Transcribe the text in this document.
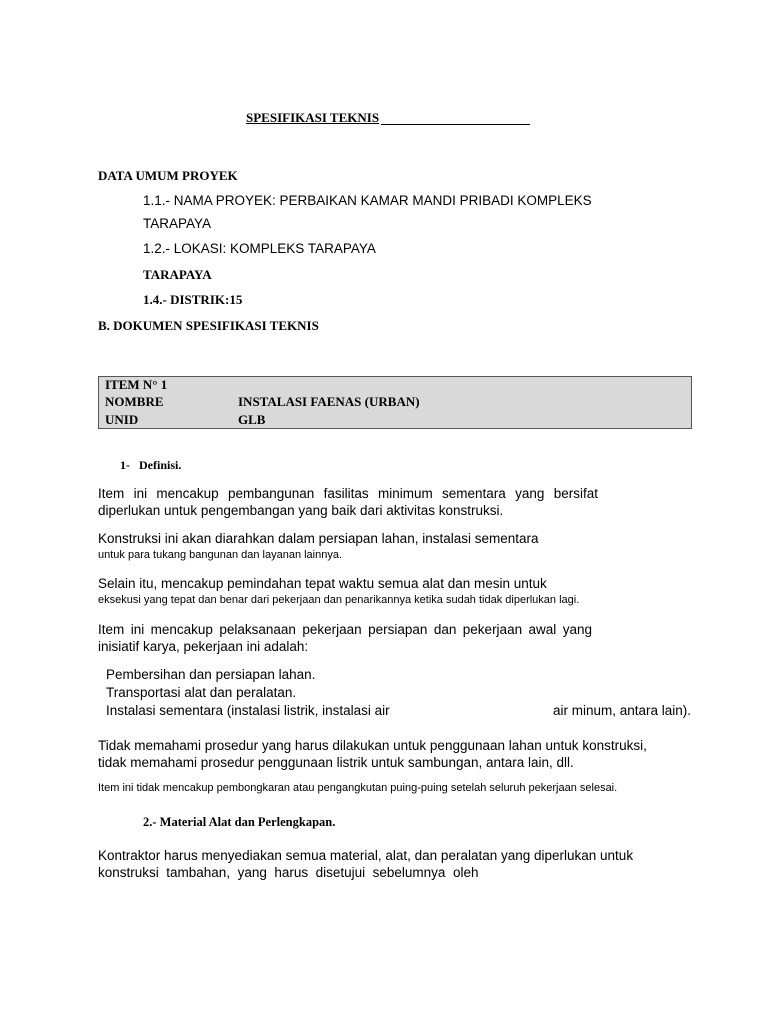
SPESIFIKASI TEKNIS
DATA UMUM PROYEK
1.1.- NAMA PROYEK: PERBAIKAN KAMAR MANDI PRIBADI KOMPLEKS
TARAPAYA
1.2.- LOKASI: KOMPLEKS TARAPAYA
TARAPAYA
1.4.- DISTRIK:15
B. DOKUMEN SPESIFIKASI TEKNIS
ITEM N° 1
NOMBRE	INSTALASI FAENAS (URBAN)
UNID	GLB
1-   Definisi.
Item ini mencakup pembangunan fasilitas minimum sementara yang bersifat
diperlukan untuk pengembangan yang baik dari aktivitas konstruksi.
Konstruksi ini akan diarahkan dalam persiapan lahan, instalasi sementara
untuk para tukang bangunan dan layanan lainnya.
Selain itu, mencakup pemindahan tepat waktu semua alat dan mesin untuk
eksekusi yang tepat dan benar dari pekerjaan dan penarikannya ketika sudah tidak diperlukan lagi.
Item ini mencakup pelaksanaan pekerjaan persiapan dan pekerjaan awal yang
inisiatif karya, pekerjaan ini adalah:
Pembersihan dan persiapan lahan.
Transportasi alat dan peralatan.
Instalasi sementara (instalasi listrik, instalasi air	air minum, antara lain).
Tidak memahami prosedur yang harus dilakukan untuk penggunaan lahan untuk konstruksi,
tidak memahami prosedur penggunaan listrik untuk sambungan, antara lain, dll.
Item ini tidak mencakup pembongkaran atau pengangkutan puing-puing setelah seluruh pekerjaan selesai.
2.- Material Alat dan Perlengkapan.
Kontraktor harus menyediakan semua material, alat, dan peralatan yang diperlukan untuk
konstruksi  tambahan,  yang  harus  disetujui  sebelumnya  oleh
